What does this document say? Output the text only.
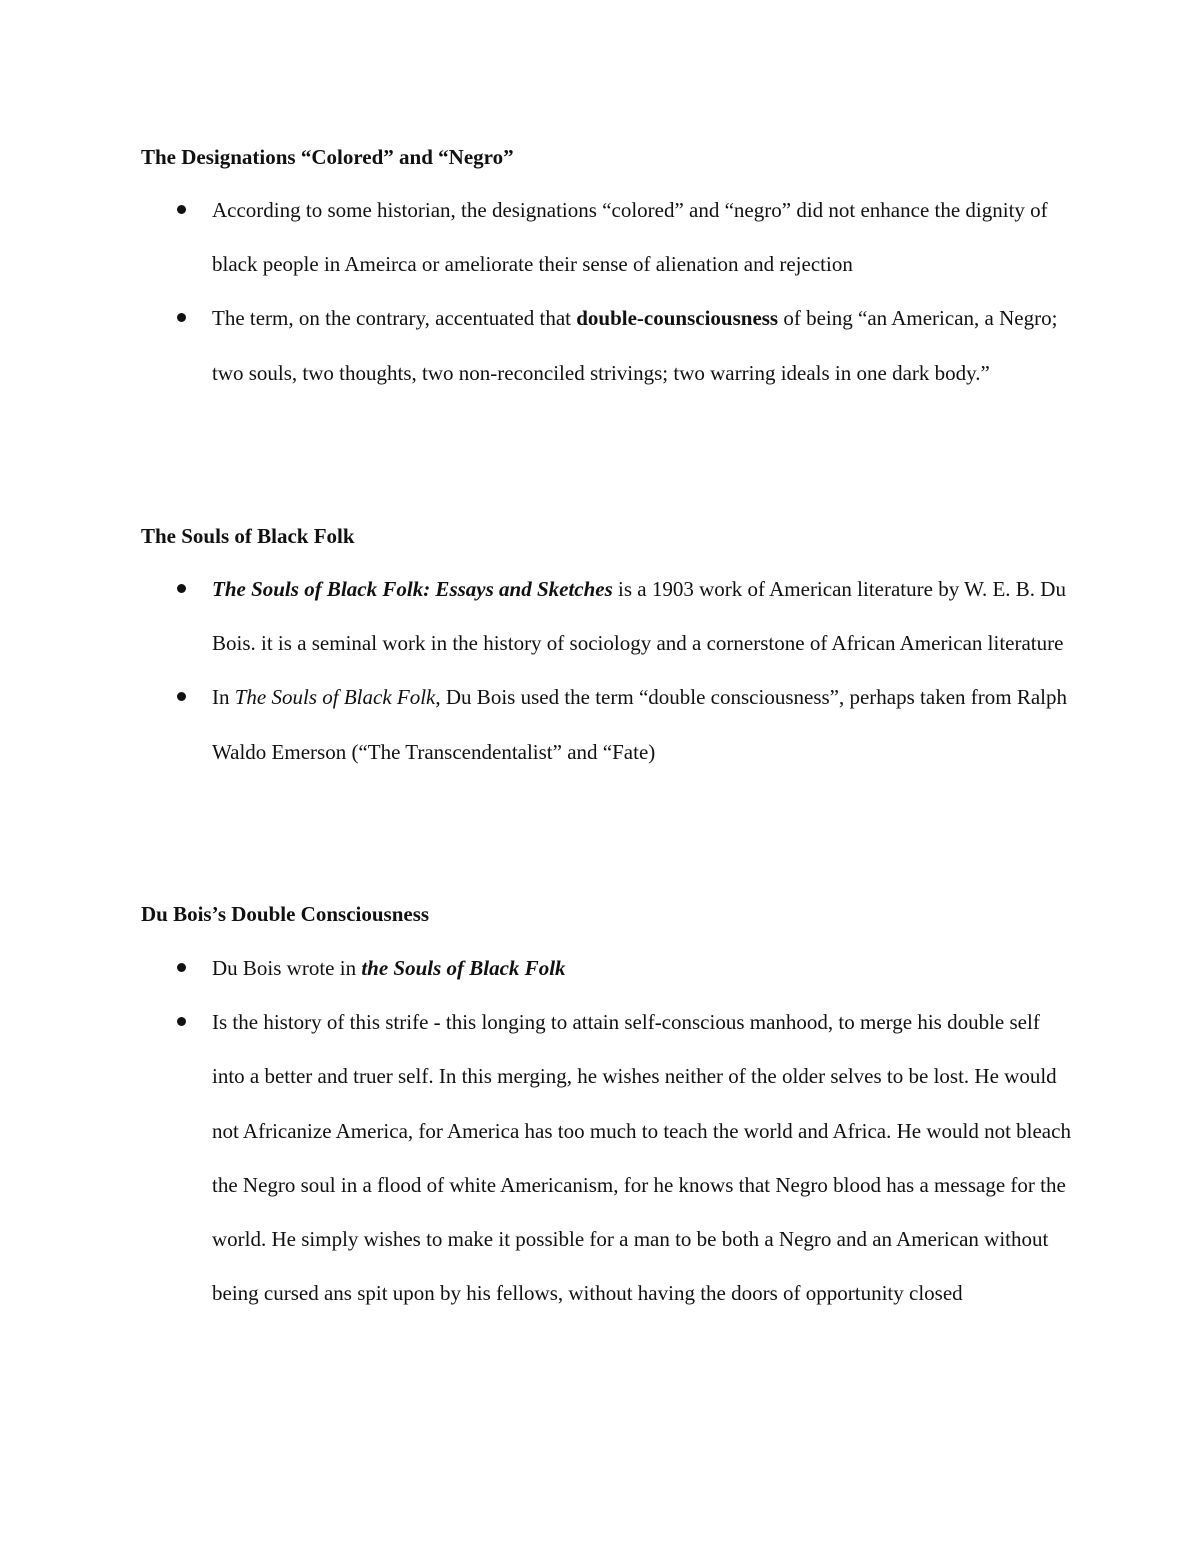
The Designations “Colored” and “Negro”
According to some historian, the designations “colored” and “negro” did not enhance the dignity of black people in Ameirca or ameliorate their sense of alienation and rejection
The term, on the contrary, accentuated that double-counsciousness of being “an American, a Negro; two souls, two thoughts, two non-reconciled strivings; two warring ideals in one dark body.”
The Souls of Black Folk
The Souls of Black Folk: Essays and Sketches is a 1903 work of American literature by W. E. B. Du Bois. it is a seminal work in the history of sociology and a cornerstone of African American literature
In The Souls of Black Folk, Du Bois used the term “double consciousness”, perhaps taken from Ralph Waldo Emerson (“The Transcendentalist” and “Fate)
Du Bois’s Double Consciousness
Du Bois wrote in the Souls of Black Folk
Is the history of this strife - this longing to attain self-conscious manhood, to merge his double self into a better and truer self. In this merging, he wishes neither of the older selves to be lost. He would not Africanize America, for America has too much to teach the world and Africa. He would not bleach the Negro soul in a flood of white Americanism, for he knows that Negro blood has a message for the world. He simply wishes to make it possible for a man to be both a Negro and an American without being cursed ans spit upon by his fellows, without having the doors of opportunity closed
